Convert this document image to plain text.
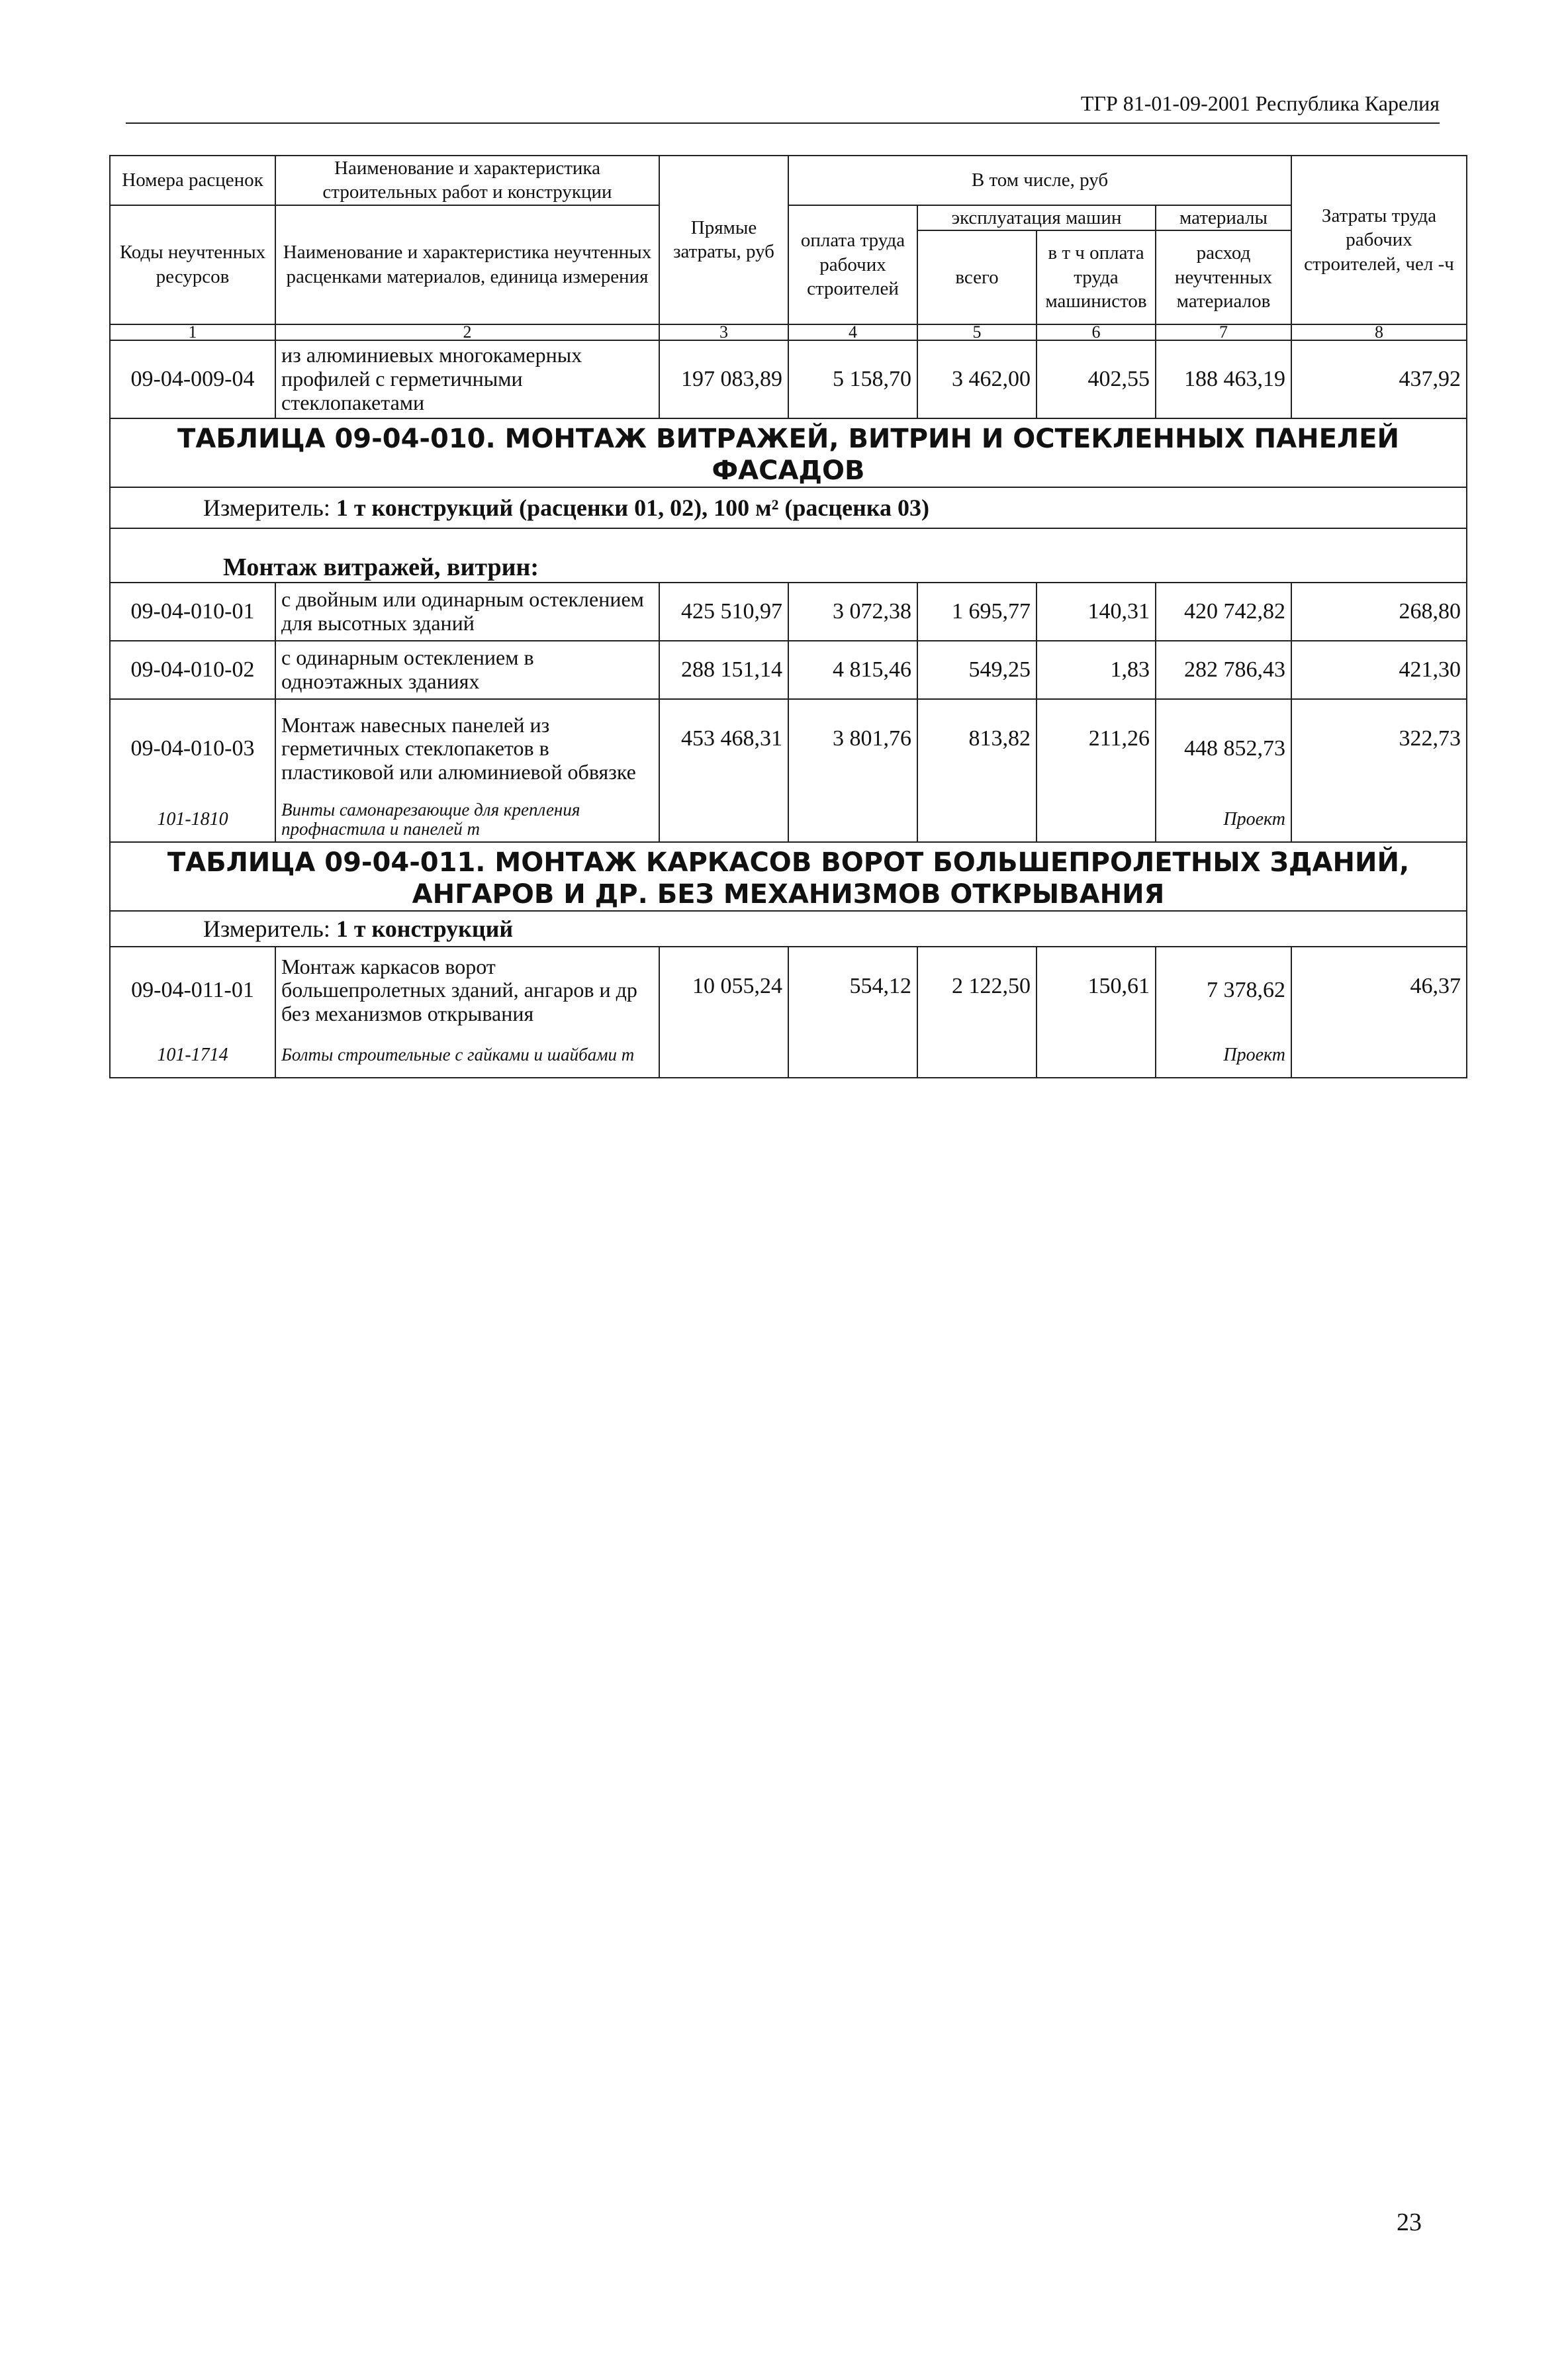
ТГР 81-01-09-2001 Республика Карелия
Номера расценок	Наименование и характеристика строительных работ и конструкции	Прямые затраты, руб	В том числе, руб				Затраты труда рабочих строителей, чел -ч
Коды неучтенных ресурсов	Наименование и характеристика неучтенных расценками материалов, единица измерения		оплата труда рабочих строителей	эксплуатация машин		материалы	
				всего	в т ч оплата труда машинистов	расход неучтенных материалов	
1	2	3	4	5	6	7	8
09-04-009-04	из алюминиевых многокамерных профилей с герметичными стеклопакетами	197 083,89	5 158,70	3 462,00	402,55	188 463,19	437,92
ТАБЛИЦА 09-04-010. МОНТАЖ ВИТРАЖЕЙ, ВИТРИН И ОСТЕКЛЕННЫХ ПАНЕЛЕЙ ФАСАДОВ							
Измеритель: 1 т конструкций (расценки 01, 02), 100 м² (расценка 03)							
Монтаж витражей, витрин:							
09-04-010-01	с двойным или одинарным остеклением для высотных зданий	425 510,97	3 072,38	1 695,77	140,31	420 742,82	268,80
09-04-010-02	с одинарным остеклением в одноэтажных зданиях	288 151,14	4 815,46	549,25	1,83	282 786,43	421,30
09-04-010-03	Монтаж навесных панелей из герметичных стеклопакетов в пластиковой или алюминиевой обвязке	453 468,31	3 801,76	813,82	211,26	448 852,73	322,73
101-1810	Винты самонарезающие для крепления профнастила и панелей т					Проект	
ТАБЛИЦА 09-04-011. МОНТАЖ КАРКАСОВ ВОРОТ БОЛЬШЕПРОЛЕТНЫХ ЗДАНИЙ, АНГАРОВ И ДР. БЕЗ МЕХАНИЗМОВ ОТКРЫВАНИЯ							
Измеритель: 1 т конструкций							
09-04-011-01	Монтаж каркасов ворот большепролетных зданий, ангаров и др без механизмов открывания	10 055,24	554,12	2 122,50	150,61	7 378,62	46,37
101-1714	Болты строительные с гайками и шайбами т					Проект	
23
